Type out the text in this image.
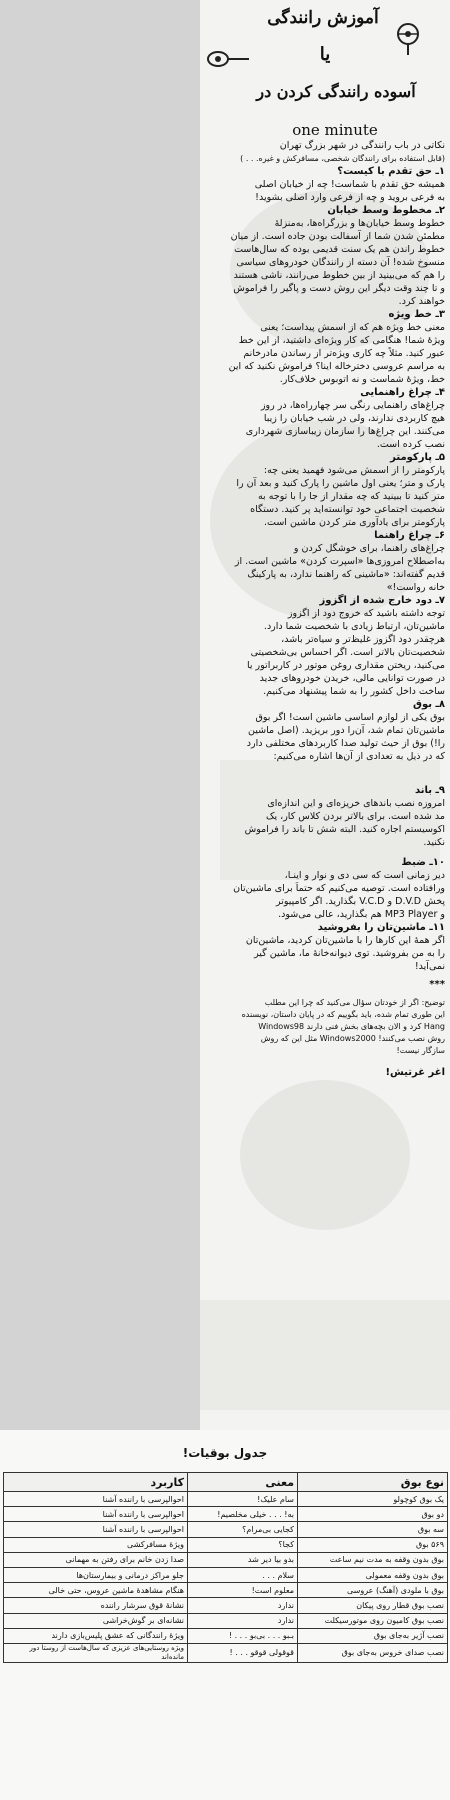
آموزش رانندگی
یا
آسوده رانندگی کردن در
one minute
نکاتی در باب رانندگی در شهر بزرگ تهران
(قابل استفاده برای رانندگان شخصی، مسافرکش و غیره. . . )
۱ـ حق تقدم با کیست؟
همیشه حق تقدم با شماست! چه از خیابان اصلی
به فرعی بروید و چه از فرعی وارد اصلی بشوید!
۲ـ مخطوط وسط خیابان
خطوط وسط خیابان‌ها و بزرگراه‌ها، به‌منزلهٔ
مطمئن شدن شما از آسفالت بودن جاده است. از میان
خطوط راندن هم یک سنت قدیمی بوده که سال‌هاست
منسوخ شده! آن دسته از رانندگان خودروهای سیاسی
را هم که می‌بینید از بین خطوط می‌رانند، ناشی هستند
و تا چند وقت دیگر این روش دست و پاگیر را فراموش
خواهند کرد.
۳ـ خط ویژه
معنی خط ویژه هم که از اسمش پیداست؛ یعنی
ویژهٔ شما! هنگامی که کار ویژه‌ای داشتید، از این خط
عبور کنید. مثلاً چه کاری ویژه‌تر از رساندن مادرخانم
به مراسم عروسی دخترخاله اینا؟ فراموش نکنید که این
خط، ویژهٔ شماست و نه اتوبوس خلاف‌کار.
۴ـ چراغ راهنمایی
چراغ‌های راهنمایی رنگی سر چهارراه‌ها، در روز
هیچ کاربردی ندارند، ولی در شب خیابان را زیبا
می‌کنند. این چراغ‌ها را سازمان زیباسازی شهرداری
نصب کرده است.
۵ـ پارکومتر
پارکومتر را از اسمش می‌شود فهمید یعنی چه:
پارک و متر؛ یعنی اول ماشین را پارک کنید و بعد آن را
متر کنید تا ببینید که چه مقدار از جا را با توجه به
شخصیت اجتماعی خود توانسته‌اید پر کنید. دستگاه
پارکومتر برای یادآوری متر کردن ماشین است.
۶ـ چراغ راهنما
چراغ‌های راهنما، برای خوشگل کردن و
به‌اصطلاح امروزی‌ها «اسپرت کردن» ماشین است. از
قدیم گفته‌اند: «ماشینی که راهنما ندارد، به پارکینگ
خانه رواست!»
۷ـ دود خارج شده از اگزوز
توجه داشته باشید که خروج دود از اگزوز
ماشین‌تان، ارتباط زیادی با شخصیت شما دارد.
هرچقدر دود اگزوز غلیظ‌تر و سیاه‌تر باشد،
شخصیت‌تان بالاتر است. اگر احساس بی‌شخصیتی
می‌کنید، ریختن مقداری روغن موتور در کاربراتور یا
در صورت توانایی مالی، خریدن خودروهای جدید
ساخت داخل کشور را به شما پیشنهاد می‌کنیم.
۸ـ بوق
بوق یکی از لوازم اساسی ماشین است! اگر بوق
ماشین‌تان تمام شد، آن‌را دور بریزید. (اصل ماشین
را!) بوق از حیث تولید صدا کاربردهای مختلفی دارد
که در ذیل به تعدادی از آن‌ها اشاره می‌کنیم:
۹ـ باند
امروزه نصب باندهای خریزه‌ای و این اندازه‌ای
مد شده است. برای بالاتر بردن کلاس کار، یک
اکوسیستم اجاره کنید. البته شش تا باند را فراموش
نکنید.
۱۰ـ ضبط
دیر زمانی است که سی دی و نوار و اینـا،
ورافتاده است. توصیه می‌کنیم که حتماً برای ماشین‌تان
پخش D.V.D و V.C.D بگذارید. اگر کامپیوتر
و MP3 Player هم بگذارید، عالی می‌شود.
۱۱ـ ماشین‌تان را بفروشید
اگر همهٔ این کارها را با ماشین‌تان کردید، ماشین‌تان
را به من بفروشید. توی دیوانه‌خانهٔ ما، ماشین گیر
نمی‌آید!
***
توضیح: اگر از خودتان سؤال می‌کنید که چرا این مطلب
این طوری تمام شده، باید بگوییم که در پایان داستان، نویسنده
Hang کرد و الان بچه‌های بخش فنی دارند Windows98
روش نصب می‌کنند! Windows2000 مثل این که روش
سازگار نیست!
اغر غرتیش!
جدول بوقیات!
نوع بوق	معنی	کاربرد
یک بوق کوچولو	سام علیک!	احوالپرسی با راننده آشنا
دو بوق	به! . . . خیلی مخلصیم!	احوالپرسی با راننده آشنا
سه بوق	کجایی بی‌مرام؟	احوالپرسی با راننده آشنا
۵۶۹ بوق	کجا؟	ویژهٔ مسافرکشی
بوق بدون وقفه به مدت نیم ساعت	بدو بیا دیر شد	صدا زدن خانم برای رفتن به مهمانی
بوق بدون وقفه معمولی	سلام . . .	جلو مراکز درمانی و بیمارستان‌ها
بوق با ملودی (آهنگ) عروسی	معلوم است!	هنگام مشاهدهٔ ماشین عروس، حتی خالی
نصب بوق قطار روی پیکان	ندارد	نشانهٔ قوق سرشار راننده
نصب بوق کامیون روی موتورسیکلت	ندارد	نشانه‌ای بر گوش‌خراشی
نصب آژیر به‌جای بوق	بـبو . . . بی‌بو . . . !	ویژهٔ رانندگانی که عشق پلیس‌بازی دارند
نصب صدای خروس به‌جای بوق	قوقولی قوقو . . . !	ویژه روستایی‌های عزیزی که سال‌هاست از روستا دور مانده‌اند
